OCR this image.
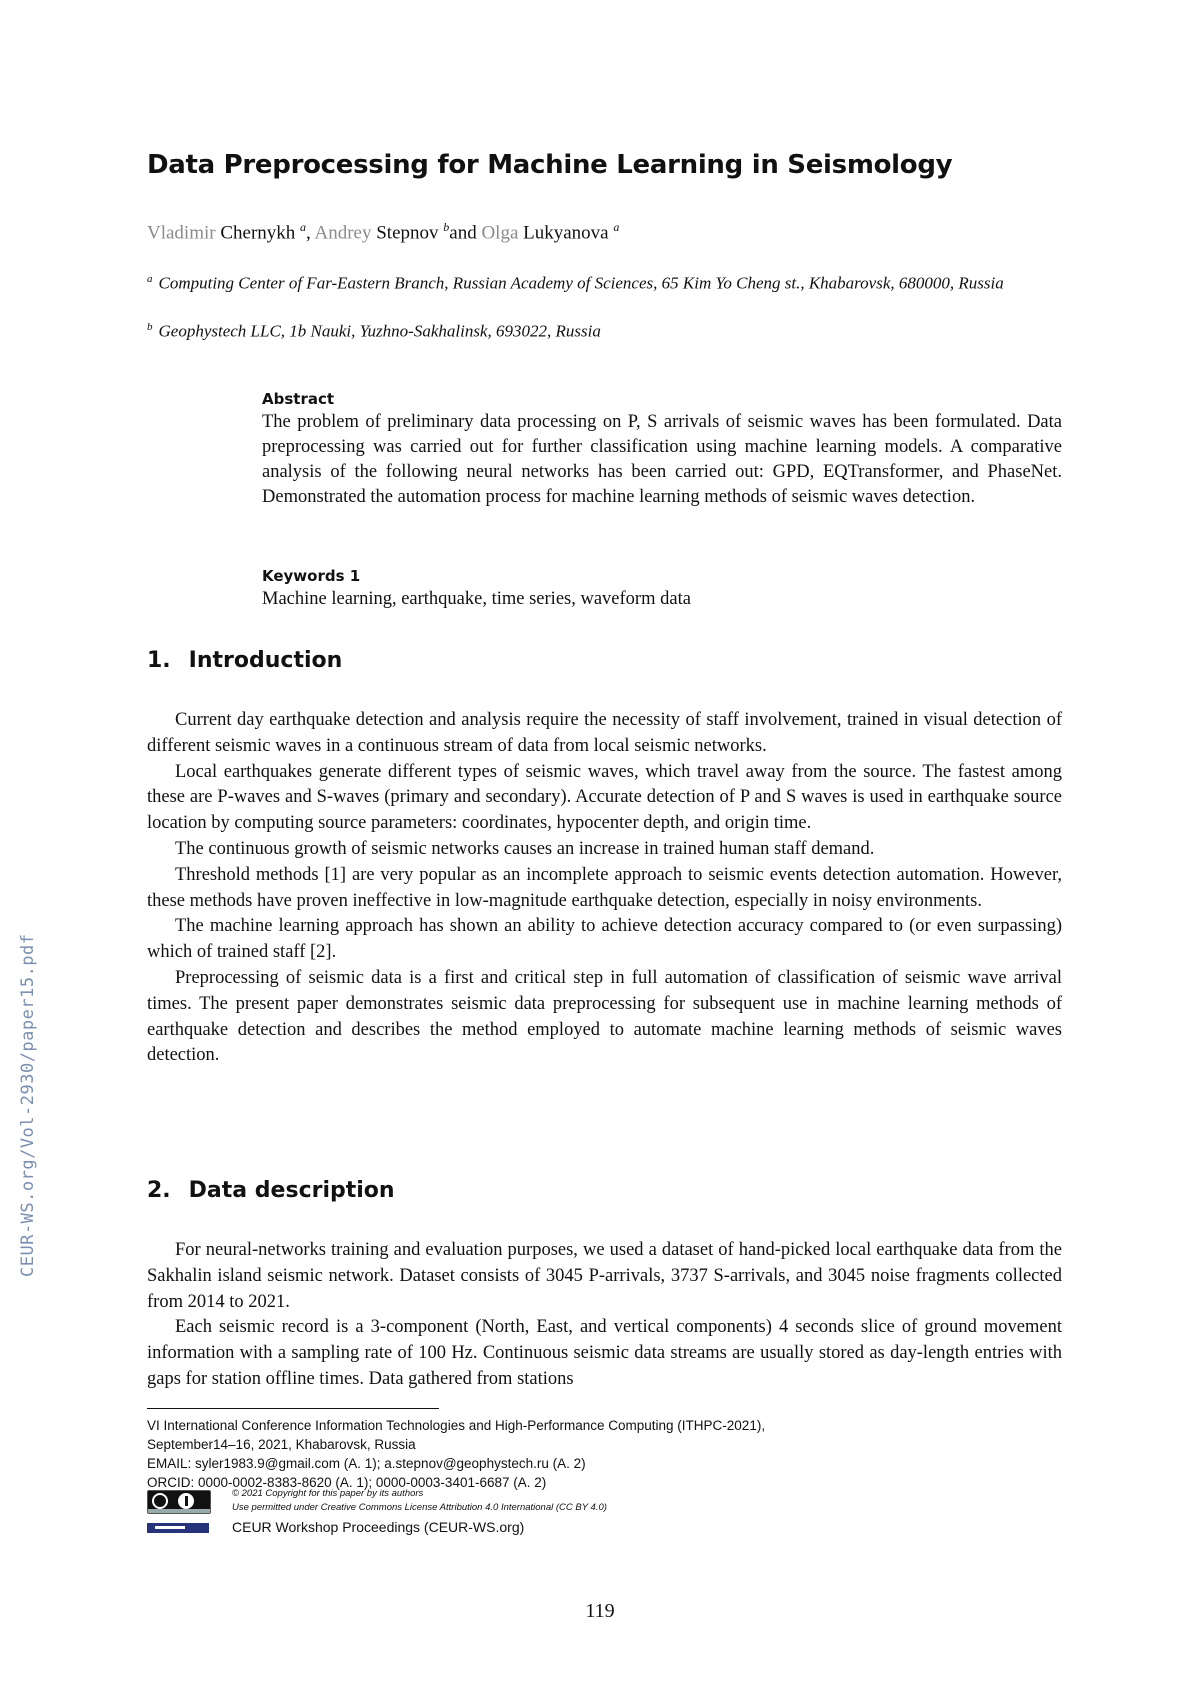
CEUR-WS.org/Vol-2930/paper15.pdf
Data Preprocessing for Machine Learning in Seismology
Vladimir Chernykh $^a$, Andrey Stepnov $^b$and Olga Lukyanova $^a$
$^a$ Computing Center of Far-Eastern Branch, Russian Academy of Sciences, 65 Kim Yo Cheng st., Khabarovsk, 680000, Russia
$^b$ Geophystech LLC, 1b Nauki, Yuzhno-Sakhalinsk, 693022, Russia
Abstract
The problem of preliminary data processing on P, S arrivals of seismic waves has been formulated. Data preprocessing was carried out for further classification using machine learning models. A comparative analysis of the following neural networks has been carried out: GPD, EQTransformer, and PhaseNet. Demonstrated the automation process for machine learning methods of seismic waves detection.
Keywords 1
Machine learning, earthquake, time series, waveform data
1. Introduction

Current day earthquake detection and analysis require the necessity of staff involvement, trained in visual detection of different seismic waves in a continuous stream of data from local seismic networks.

Local earthquakes generate different types of seismic waves, which travel away from the source. The fastest among these are P-waves and S-waves (primary and secondary). Accurate detection of P and S waves is used in earthquake source location by computing source parameters: coordinates, hypocenter depth, and origin time.

The continuous growth of seismic networks causes an increase in trained human staff demand.

Threshold methods [1] are very popular as an incomplete approach to seismic events detection automation. However, these methods have proven ineffective in low-magnitude earthquake detection, especially in noisy environments.

The machine learning approach has shown an ability to achieve detection accuracy compared to (or even surpassing) which of trained staff [2].

Preprocessing of seismic data is a first and critical step in full automation of classification of seismic wave arrival times. The present paper demonstrates seismic data preprocessing for subsequent use in machine learning methods of earthquake detection and describes the method employed to automate machine learning methods of seismic waves detection.

2. Data description

For neural-networks training and evaluation purposes, we used a dataset of hand-picked local earthquake data from the Sakhalin island seismic network. Dataset consists of 3045 P-arrivals, 3737 S-arrivals, and 3045 noise fragments collected from 2014 to 2021.

Each seismic record is a 3-component (North, East, and vertical components) 4 seconds slice of ground movement information with a sampling rate of 100 Hz. Continuous seismic data streams are usually stored as day-length entries with gaps for station offline times. Data gathered from stations

VI International Conference Information Technologies and High-Performance Computing (ITHPC-2021),
September14–16, 2021, Khabarovsk, Russia
EMAIL: syler1983.9@gmail.com (A. 1); a.stepnov@geophystech.ru (A. 2)
ORCID: 0000-0002-8383-8620 (A. 1); 0000-0003-3401-6687 (A. 2)
© 2021 Copyright for this paper by its authors
Use permitted under Creative Commons License Attribution 4.0 International (CC BY 4.0)
CEUR Workshop Proceedings (CEUR-WS.org)
119
